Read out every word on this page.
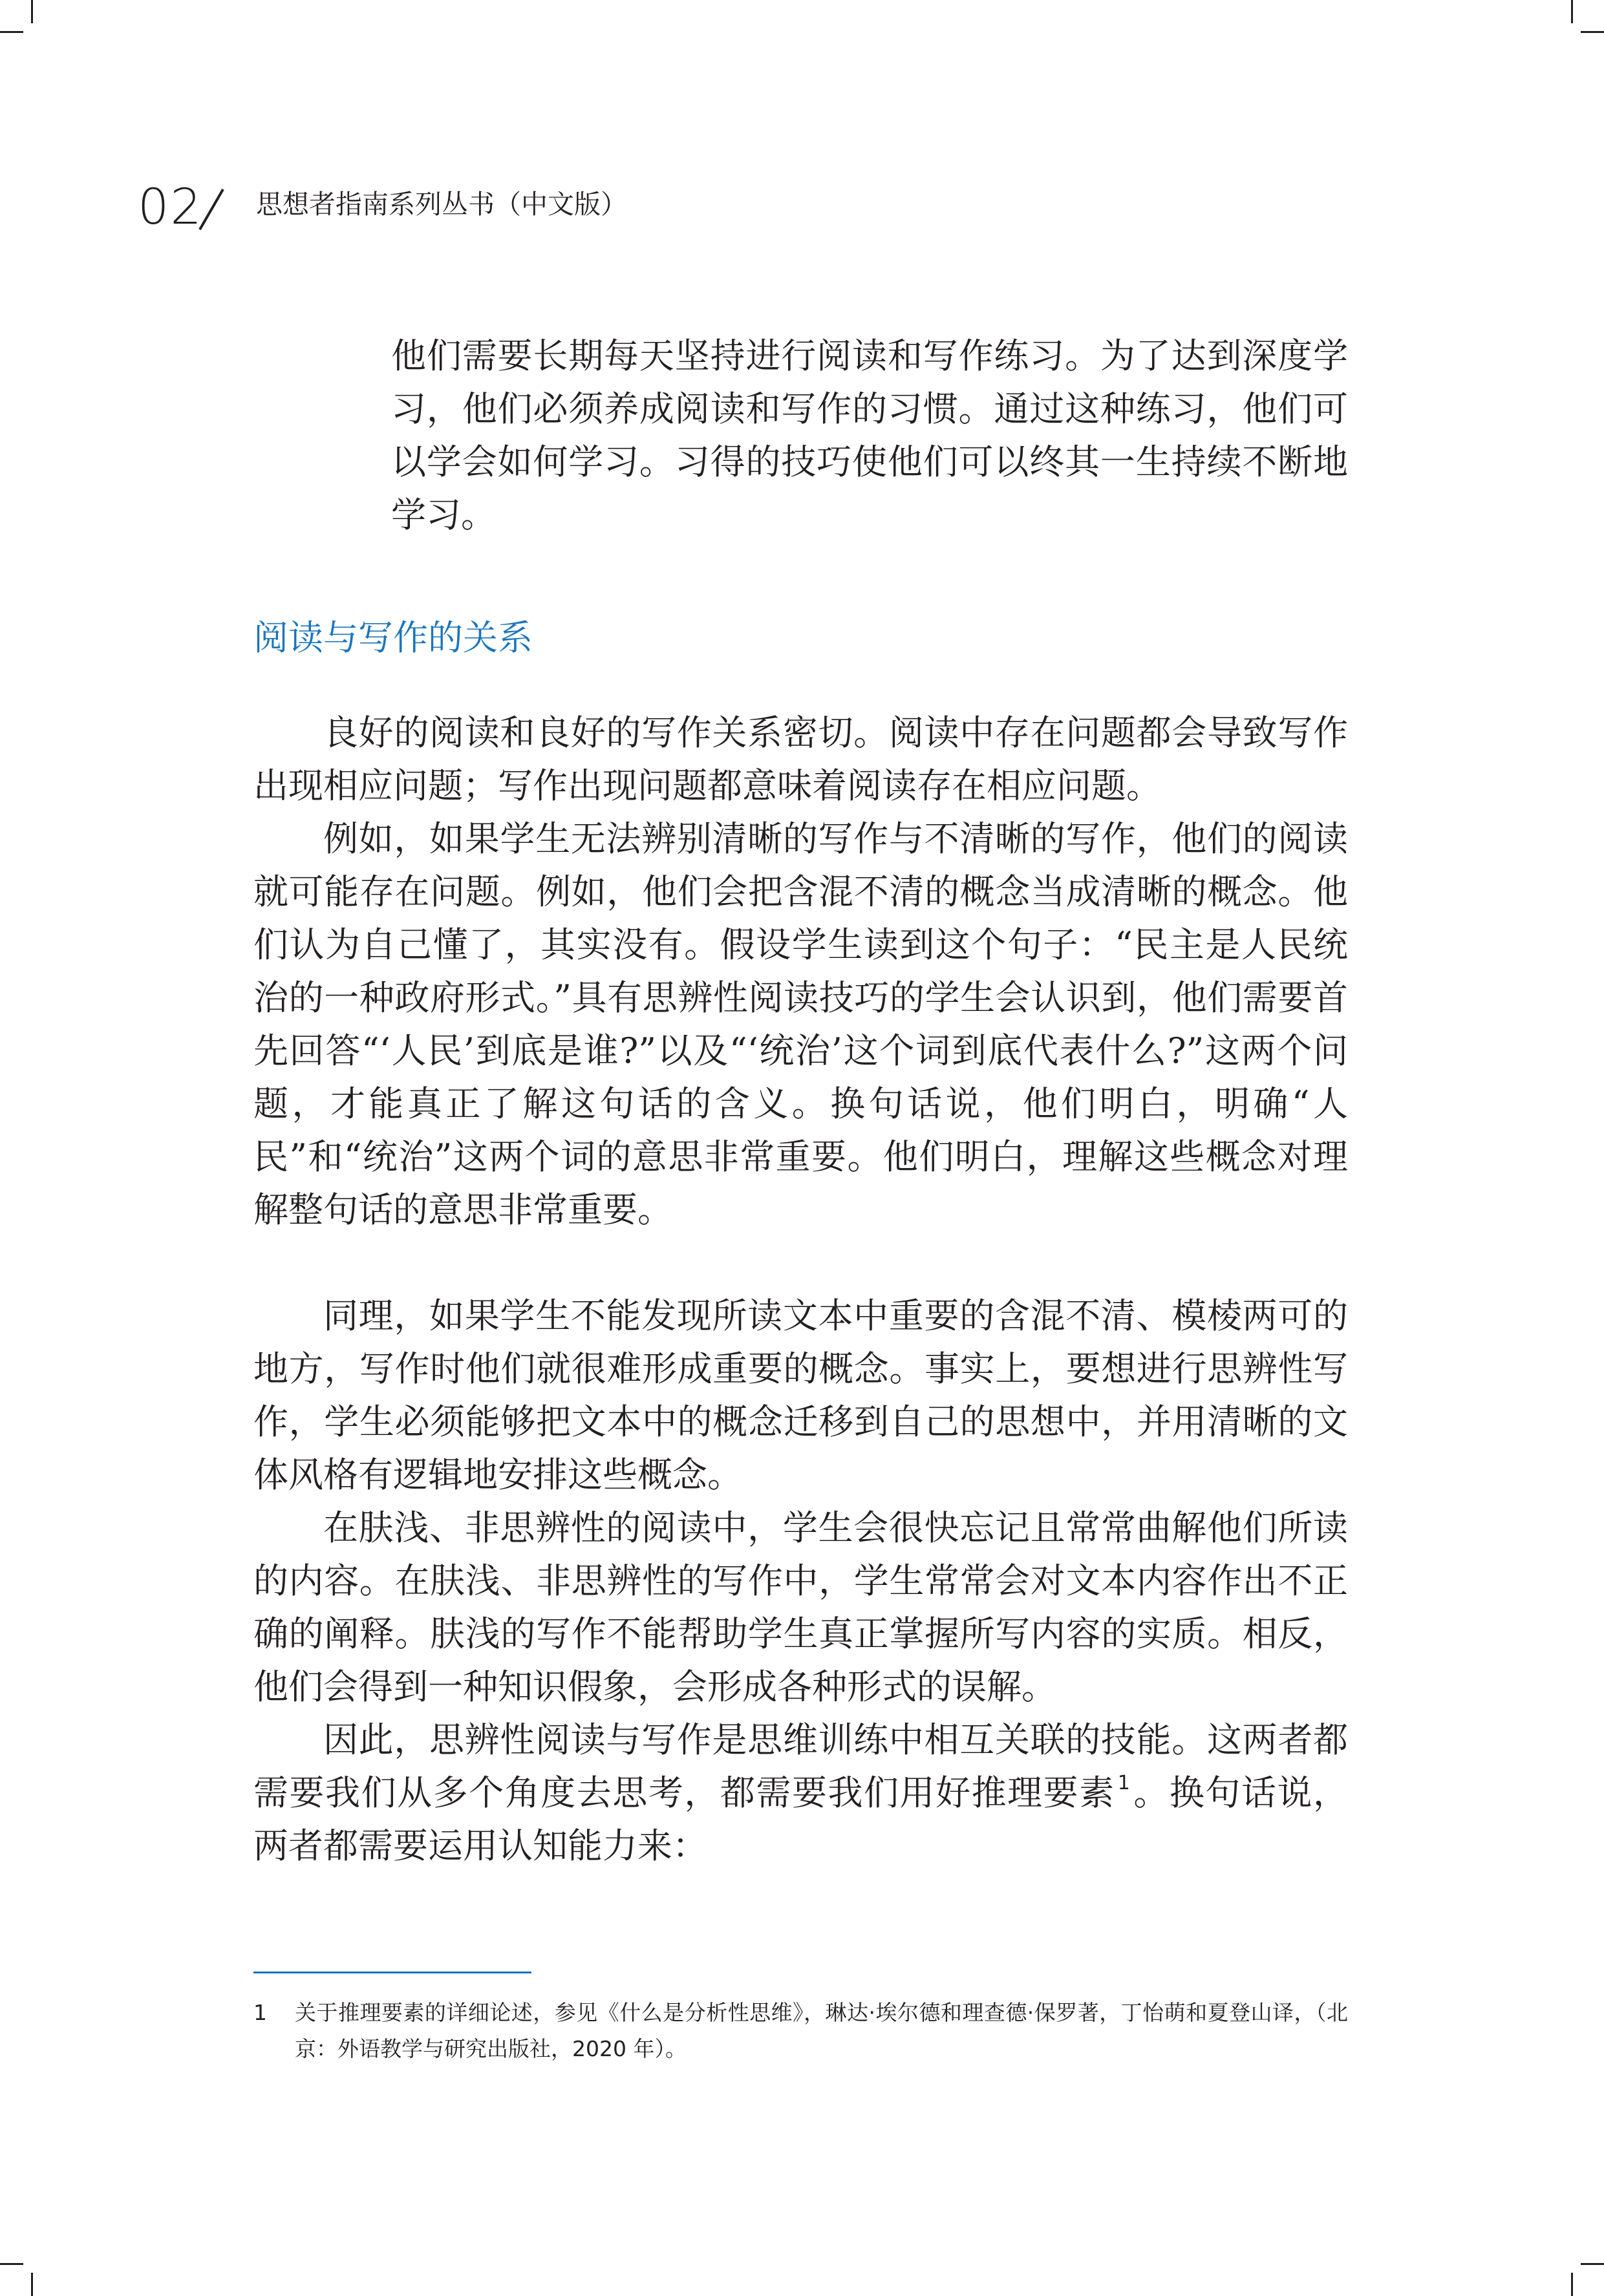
02 思想者指南系列丛书（中文版）
他们需要长期每天坚持进行阅读和写作练习。为了达到深度学习，他们必须养成阅读和写作的习惯。通过这种练习，他们可以学会如何学习。习得的技巧使他们可以终其一生持续不断地学习。
阅读与写作的关系
良好的阅读和良好的写作关系密切。阅读中存在问题都会导致写作出现相应问题；写作出现问题都意味着阅读存在相应问题。
例如，如果学生无法辨别清晰的写作与不清晰的写作，他们的阅读就可能存在问题。例如，他们会把含混不清的概念当成清晰的概念。他们认为自己懂了，其实没有。假设学生读到这个句子：“民主是人民统治的一种政府形式。”具有思辨性阅读技巧的学生会认识到，他们需要首先回答“‘人民’到底是谁?”以及“‘统治’这个词到底代表什么?”这两个问题，才能真正了解这句话的含义。换句话说，他们明白，明确“人民”和“统治”这两个词的意思非常重要。他们明白，理解这些概念对理解整句话的意思非常重要。
同理，如果学生不能发现所读文本中重要的含混不清、模棱两可的地方，写作时他们就很难形成重要的概念。事实上，要想进行思辨性写作，学生必须能够把文本中的概念迁移到自己的思想中，并用清晰的文体风格有逻辑地安排这些概念。
在肤浅、非思辨性的阅读中，学生会很快忘记且常常曲解他们所读的内容。在肤浅、非思辨性的写作中，学生常常会对文本内容作出不正确的阐释。肤浅的写作不能帮助学生真正掌握所写内容的实质。相反，他们会得到一种知识假象，会形成各种形式的误解。
因此，思辨性阅读与写作是思维训练中相互关联的技能。这两者都需要我们从多个角度去思考，都需要我们用好推理要素 $^1$。换句话说，两者都需要运用认知能力来：
1	关于推理要素的详细论述，参见《什么是分析性思维》，琳达·埃尔德和理查德·保罗著，丁怡萌和夏登山译，（北京：外语教学与研究出版社，2020 年）。
